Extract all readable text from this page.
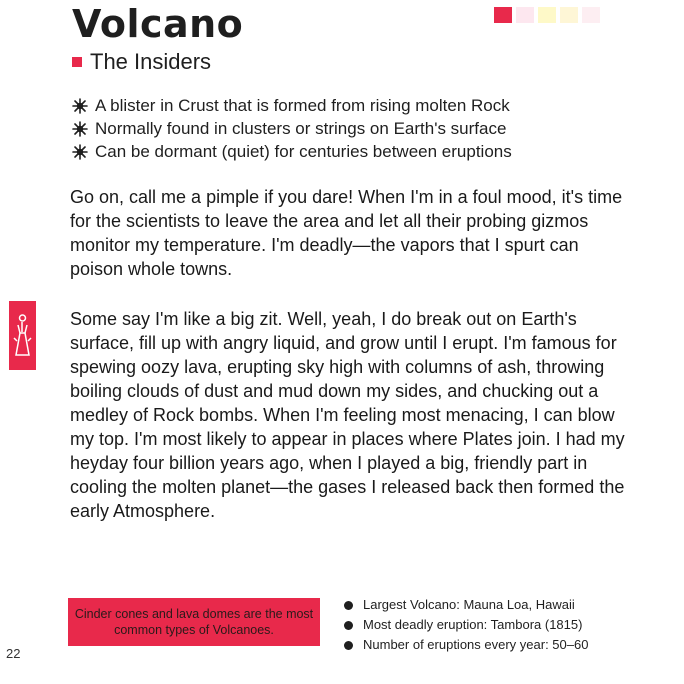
Volcano
The Insiders
A blister in Crust that is formed from rising molten Rock
Normally found in clusters or strings on Earth's surface
Can be dormant (quiet) for centuries between eruptions

Go on, call me a pimple if you dare! When I'm in a foul mood, it's time for the scientists to leave the area and let all their probing gizmos monitor my temperature. I'm deadly—the vapors that I spurt can poison whole towns.

Some say I'm like a big zit. Well, yeah, I do break out on Earth's surface, fill up with angry liquid, and grow until I erupt. I'm famous for spewing oozy lava, erupting sky high with columns of ash, throwing boiling clouds of dust and mud down my sides, and chucking out a medley of Rock bombs. When I'm feeling most menacing, I can blow my top. I'm most likely to appear in places where Plates join. I had my heyday four billion years ago, when I played a big, friendly part in cooling the molten planet—the gases I released back then formed the early Atmosphere.

Cinder cones and lava domes are the most common types of Volcanoes.
Largest Volcano: Mauna Loa, Hawaii
Most deadly eruption: Tambora (1815)
Number of eruptions every year: 50–60
22
